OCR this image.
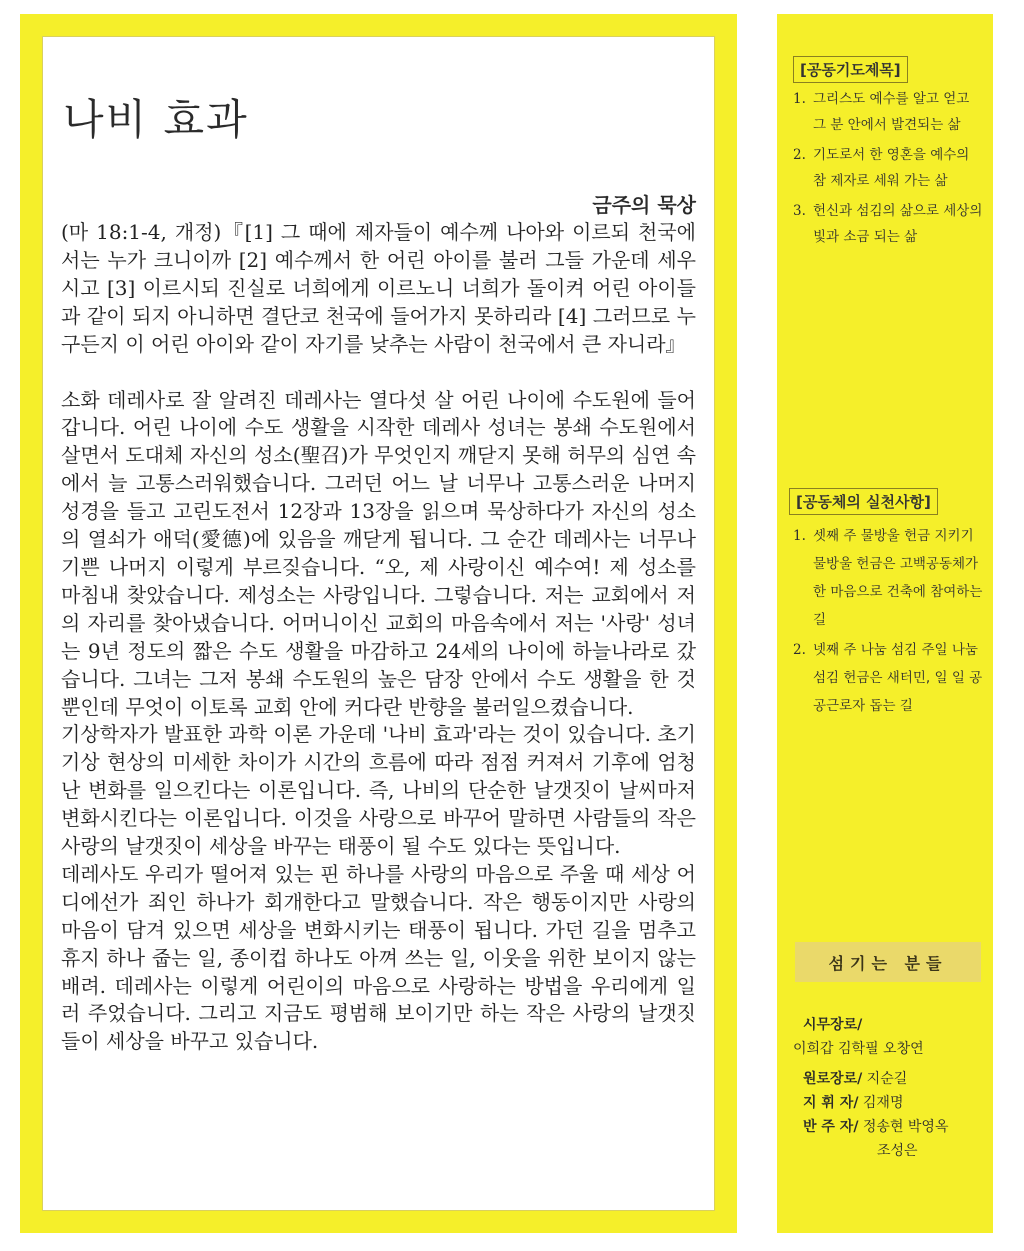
나비 효과
금주의 묵상

(마 18:1-4, 개정)『[1] 그 때에 제자들이 예수께 나아와 이르되 천국에서는 누가 크니이까 [2] 예수께서 한 어린 아이를 불러 그들 가운데 세우시고 [3] 이르시되 진실로 너희에게 이르노니 너희가 돌이켜 어린 아이들과 같이 되지 아니하면 결단코 천국에 들어가지 못하리라 [4] 그러므로 누구든지 이 어린 아이와 같이 자기를 낮추는 사람이 천국에서 큰 자니라』

소화 데레사로 잘 알려진 데레사는 열다섯 살 어린 나이에 수도원에 들어갑니다. 어린 나이에 수도 생활을 시작한 데레사 성녀는 봉쇄 수도원에서 살면서 도대체 자신의 성소(聖召)가 무엇인지 깨닫지 못해 허무의 심연 속에서 늘 고통스러워했습니다. 그러던 어느 날 너무나 고통스러운 나머지 성경을 들고 고린도전서 12장과 13장을 읽으며 묵상하다가 자신의 성소의 열쇠가 애덕(愛德)에 있음을 깨닫게 됩니다. 그 순간 데레사는 너무나 기쁜 나머지 이렇게 부르짖습니다. “오, 제 사랑이신 예수여! 제 성소를 마침내 찾았습니다. 제성소는 사랑입니다. 그렇습니다. 저는 교회에서 저의 자리를 찾아냈습니다. 어머니이신 교회의 마음속에서 저는 '사랑' 성녀는 9년 정도의 짧은 수도 생활을 마감하고 24세의 나이에 하늘나라로 갔습니다. 그녀는 그저 봉쇄 수도원의 높은 담장 안에서 수도 생활을 한 것뿐인데 무엇이 이토록 교회 안에 커다란 반향을 불러일으켰습니다.

기상학자가 발표한 과학 이론 가운데 '나비 효과'라는 것이 있습니다. 초기 기상 현상의 미세한 차이가 시간의 흐름에 따라 점점 커져서 기후에 엄청난 변화를 일으킨다는 이론입니다. 즉, 나비의 단순한 날갯짓이 날씨마저 변화시킨다는 이론입니다. 이것을 사랑으로 바꾸어 말하면 사람들의 작은 사랑의 날갯짓이 세상을 바꾸는 태풍이 될 수도 있다는 뜻입니다.

데레사도 우리가 떨어져 있는 핀 하나를 사랑의 마음으로 주울 때 세상 어디에선가 죄인 하나가 회개한다고 말했습니다. 작은 행동이지만 사랑의 마음이 담겨 있으면 세상을 변화시키는 태풍이 됩니다. 가던 길을 멈추고 휴지 하나 줍는 일, 종이컵 하나도 아껴 쓰는 일, 이웃을 위한 보이지 않는 배려. 데레사는 이렇게 어린이의 마음으로 사랑하는 방법을 우리에게 일러 주었습니다. 그리고 지금도 평범해 보이기만 하는 작은 사랑의 날갯짓들이 세상을 바꾸고 있습니다.

[공동기도제목]
1. 그리스도 예수를 알고 얻고 그 분 안에서 발견되는 삶
2. 기도로서 한 영혼을 예수의 참 제자로 세워 가는 삶
3. 헌신과 섬김의 삶으로 세상의 빛과 소금 되는 삶
[공동체의 실천사항]
1. 셋째 주 물방울 헌금 지키기 물방울 헌금은 고백공동체가 한 마음으로 건축에 참여하는 길
2. 넷째 주 나눔 섬김 주일 나눔 섬김 헌금은 새터민, 일 일 공공근로자 돕는 길
섬기는 분들
시무장로/
이희갑 김학필 오창연
원로장로/ 지순길
지 휘 자/ 김재명
반 주 자/ 정송현 박영옥
조성은
